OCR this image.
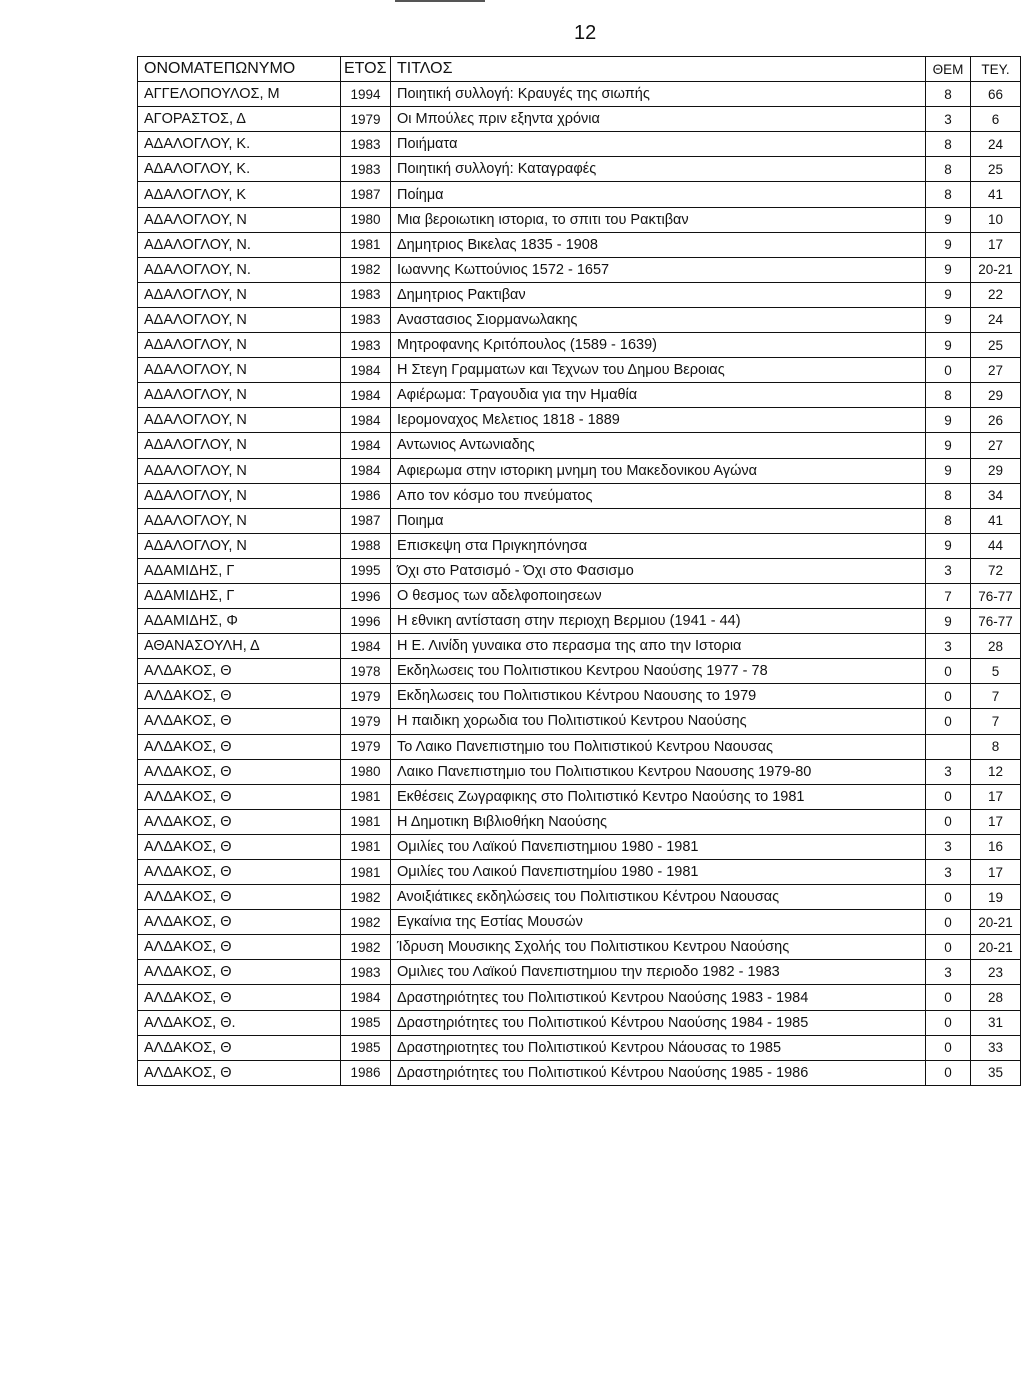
12
ΟΝΟΜΑΤΕΠΩΝΥΜΟ	ΕΤΟΣ	ΤΙΤΛΟΣ	ΘΕΜ	ΤΕΥ.
ΑΓΓΕΛΟΠΟΥΛΟΣ, Μ	1994	Ποιητική συλλογή: Κραυγές της σιωπής	8	66
ΑΓΟΡΑΣΤΟΣ, Δ	1979	Οι Μπούλες πριν εξηντα χρόνια	3	6
ΑΔΑΛΟΓΛΟΥ, Κ.	1983	Ποιήματα	8	24
ΑΔΑΛΟΓΛΟΥ, Κ.	1983	Ποιητική συλλογή: Καταγραφές	8	25
ΑΔΑΛΟΓΛΟΥ, Κ	1987	Ποίημα	8	41
ΑΔΑΛΟΓΛΟΥ, Ν	1980	Μια βεροιωτικη ιστορια, το σπιτι του Ρακτιβαν	9	10
ΑΔΑΛΟΓΛΟΥ, Ν.	1981	Δημητριος Βικελας 1835 - 1908	9	17
ΑΔΑΛΟΓΛΟΥ, Ν.	1982	Ιωαννης Κωττούνιος 1572 - 1657	9	20-21
ΑΔΑΛΟΓΛΟΥ, Ν	1983	Δημητριος Ρακτιβαν	9	22
ΑΔΑΛΟΓΛΟΥ, Ν	1983	Αναστασιος Σιορμανωλακης	9	24
ΑΔΑΛΟΓΛΟΥ, Ν	1983	Μητροφανης Κριτόπουλος (1589 - 1639)	9	25
ΑΔΑΛΟΓΛΟΥ, Ν	1984	Η Στεγη Γραμματων και Τεχνων του Δημου Βεροιας	0	27
ΑΔΑΛΟΓΛΟΥ, Ν	1984	Αφιέρωμα: Τραγουδια για την Ημαθία	8	29
ΑΔΑΛΟΓΛΟΥ, Ν	1984	Ιερομοναχος Μελετιος 1818 - 1889	9	26
ΑΔΑΛΟΓΛΟΥ, Ν	1984	Αντωνιος Αντωνιαδης	9	27
ΑΔΑΛΟΓΛΟΥ, Ν	1984	Αφιερωμα στην ιστορικη μνημη του Μακεδονικου Αγώνα	9	29
ΑΔΑΛΟΓΛΟΥ, Ν	1986	Απο τον κόσμο του πνεύματος	8	34
ΑΔΑΛΟΓΛΟΥ, Ν	1987	Ποιημα	8	41
ΑΔΑΛΟΓΛΟΥ, Ν	1988	Επισκεψη στα Πριγκηπόνησα	9	44
ΑΔΑΜΙΔΗΣ, Γ	1995	Όχι στο Ρατσισμό - Όχι στο Φασισμο	3	72
ΑΔΑΜΙΔΗΣ, Γ	1996	Ο θεσμος των αδελφοποιησεων	7	76-77
ΑΔΑΜΙΔΗΣ, Φ	1996	Η εθνικη αντίσταση στην περιοχη Βερμιου (1941 - 44)	9	76-77
ΑΘΑΝΑΣΟΥΛΗ, Δ	1984	Η Ε. Λινίδη γυναικα στο περασμα της απο την Ιστορια	3	28
ΑΛΔΑΚΟΣ, Θ	1978	Εκδηλωσεις του Πολιτιστικου Κεντρου Ναούσης 1977 - 78	0	5
ΑΛΔΑΚΟΣ, Θ	1979	Εκδηλωσεις του Πολιτιστικου Κέντρου Ναουσης το 1979	0	7
ΑΛΔΑΚΟΣ, Θ	1979	Η παιδικη χορωδια του Πολιτιστικού Κεντρου Ναούσης	0	7
ΑΛΔΑΚΟΣ, Θ	1979	Το Λαικο Πανεπιστημιο του Πολιτιστικού Κεντρου Ναουσας		8
ΑΛΔΑΚΟΣ, Θ	1980	Λαικο Πανεπιστημιο του Πολιτιστικου Κεντρου Ναουσης 1979-80	3	12
ΑΛΔΑΚΟΣ, Θ	1981	Εκθέσεις Ζωγραφικης στο Πολιτιστικό Κεντρο Ναούσης το 1981	0	17
ΑΛΔΑΚΟΣ, Θ	1981	Η Δημοτικη Βιβλιοθήκη Ναούσης	0	17
ΑΛΔΑΚΟΣ, Θ	1981	Ομιλίες του Λαϊκού Πανεπιστημιου 1980 - 1981	3	16
ΑΛΔΑΚΟΣ, Θ	1981	Ομιλίες του Λαικού Πανεπιστημίου 1980 - 1981	3	17
ΑΛΔΑΚΟΣ, Θ	1982	Ανοιξιάτικες εκδηλώσεις του Πολιτιστικου Κέντρου Ναουσας	0	19
ΑΛΔΑΚΟΣ, Θ	1982	Εγκαίνια της Εστίας Μουσών	0	20-21
ΑΛΔΑΚΟΣ, Θ	1982	Ίδρυση Μουσικης Σχολής του Πολιτιστικου Κεντρου Ναούσης	0	20-21
ΑΛΔΑΚΟΣ, Θ	1983	Ομιλιες του Λαϊκού Πανεπιστημιου την περιοδο 1982 - 1983	3	23
ΑΛΔΑΚΟΣ, Θ	1984	Δραστηριότητες του Πολιτιστικού Κεντρου Ναούσης 1983 - 1984	0	28
ΑΛΔΑΚΟΣ, Θ.	1985	Δραστηριότητες του Πολιτιστικού Κέντρου Ναούσης 1984 - 1985	0	31
ΑΛΔΑΚΟΣ, Θ	1985	Δραστηριοτητες του Πολιτιστικού Κεντρου Νάουσας το 1985	0	33
ΑΛΔΑΚΟΣ, Θ	1986	Δραστηριότητες του Πολιτιστικού Κέντρου Ναούσης 1985 - 1986	0	35
